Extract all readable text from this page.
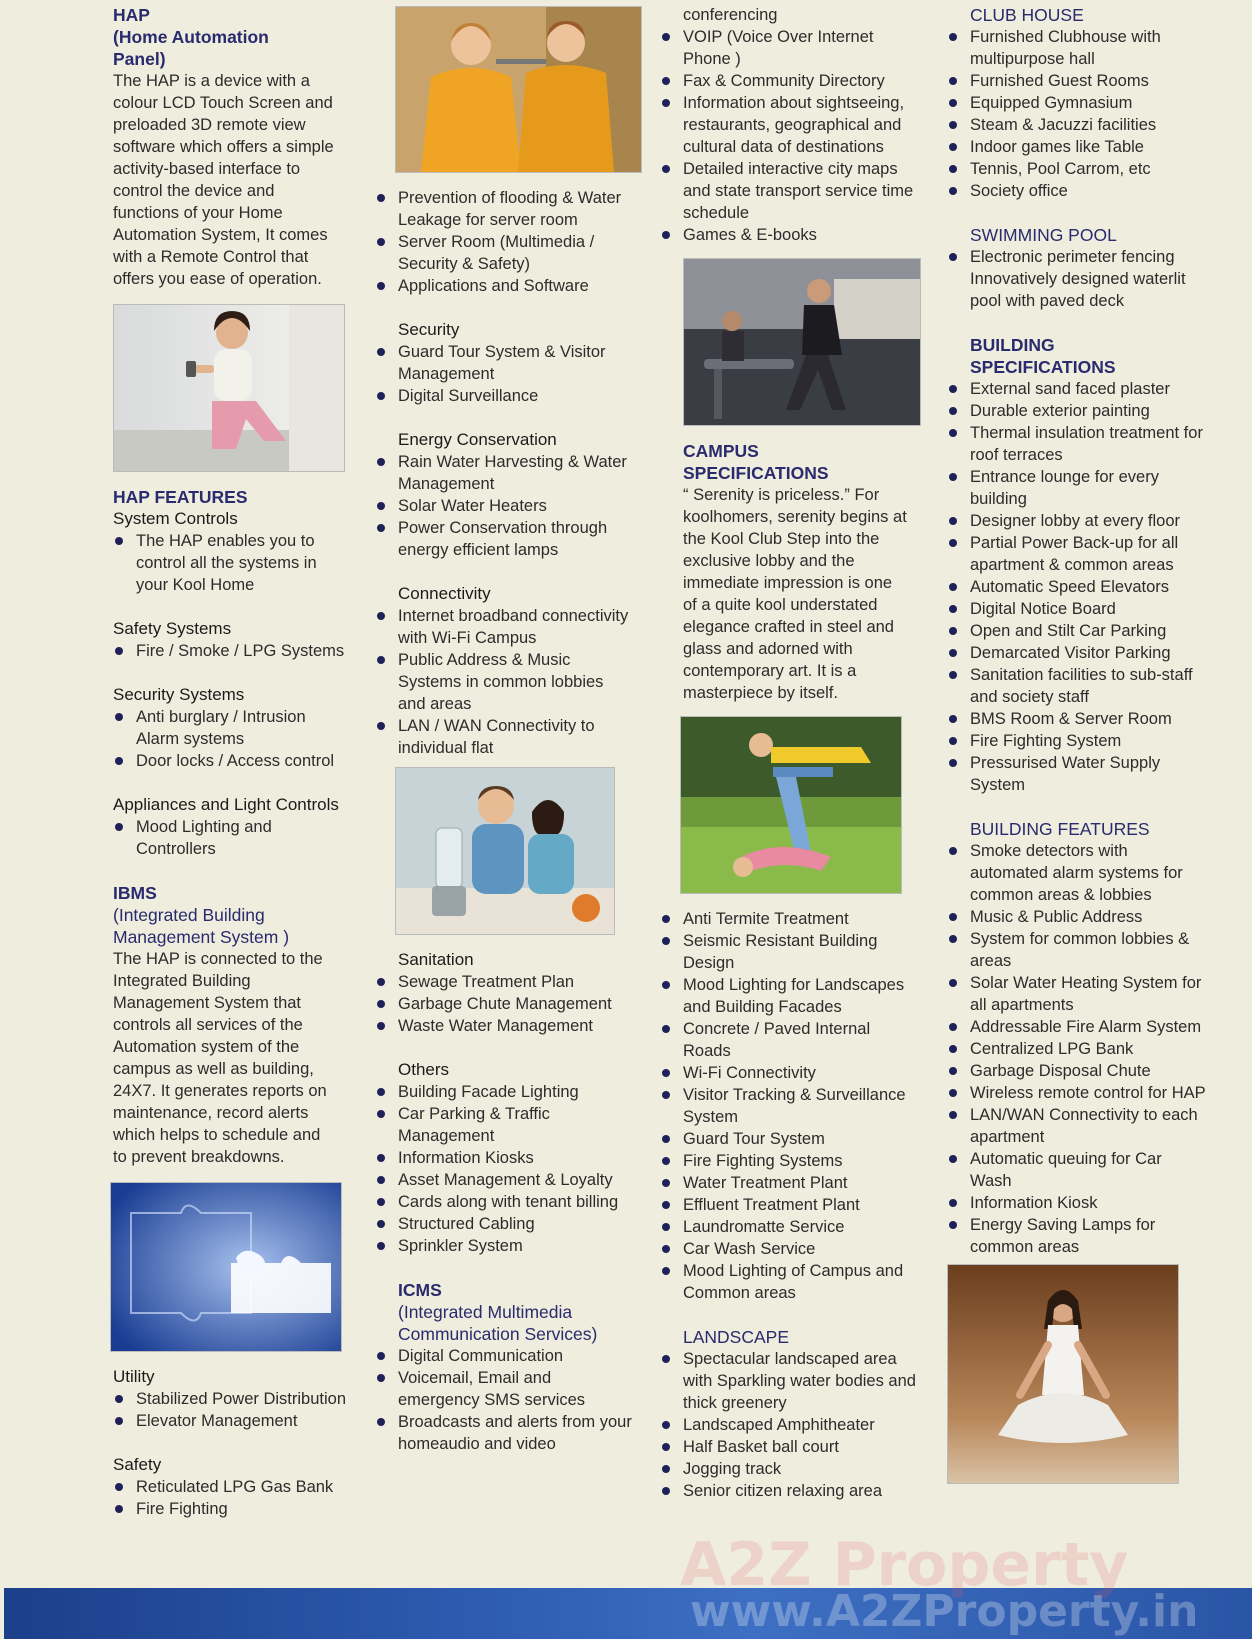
HAP

(Home Automation

Panel)

The HAP is a device with a

colour LCD Touch Screen and

preloaded 3D remote view

software which offers a simple

activity-based interface to

control the device and

functions of your Home

Automation System, It comes

with a Remote Control that

offers you ease of operation.

HAP FEATURES

System Controls

The HAP enables you to control all the systems in your Kool Home

Safety Systems

Fire / Smoke / LPG Systems

Security Systems

Anti burglary / Intrusion Alarm systems
Door locks / Access control

Appliances and Light Controls

Mood Lighting and Controllers

IBMS

(Integrated Building

Management System )

The HAP is connected to the

Integrated Building

Management System that

controls all services of the

Automation system of the

campus as well as building,

24X7. It generates reports on

maintenance, record alerts

which helps to schedule and

to prevent breakdowns.

Utility

Stabilized Power Distribution
Elevator Management

Safety

Reticulated LPG Gas Bank
Fire Fighting
Prevention of flooding & Water Leakage for server room
Server Room (Multimedia / Security & Safety)
Applications and Software

Security

Guard Tour System & Visitor Management
Digital Surveillance

Energy Conservation

Rain Water Harvesting & Water Management
Solar Water Heaters
Power Conservation through energy efficient lamps

Connectivity

Internet broadband connectivity with Wi-Fi Campus
Public Address & Music Systems in common lobbies and areas
LAN / WAN Connectivity to individual flat

Sanitation

Sewage Treatment Plan
Garbage Chute Management
Waste Water Management

Others

Building Facade Lighting
Car Parking & Traffic Management
Information Kiosks
Asset Management & Loyalty
Cards along with tenant billing
Structured Cabling
Sprinkler System

ICMS

(Integrated Multimedia

Communication Services)

Digital Communication
Voicemail, Email and emergency SMS services
Broadcasts and alerts from your homeaudio and video

conferencing

VOIP (Voice Over Internet Phone )
Fax & Community Directory
Information about sightseeing, restaurants, geographical and cultural data of destinations
Detailed interactive city maps and state transport service time schedule
Games & E-books

CAMPUS

SPECIFICATIONS

“ Serenity is priceless.” For

koolhomers, serenity begins at

the Kool Club Step into the

exclusive lobby and the

immediate impression is one

of a quite kool understated

elegance crafted in steel and

glass and adorned with

contemporary art. It is a

masterpiece by itself.

Anti Termite Treatment
Seismic Resistant Building Design
Mood Lighting for Landscapes and Building Facades
Concrete / Paved Internal Roads
Wi-Fi Connectivity
Visitor Tracking & Surveillance System
Guard Tour System
Fire Fighting Systems
Water Treatment Plant
Effluent Treatment Plant
Laundromatte Service
Car Wash Service
Mood Lighting of Campus and Common areas

LANDSCAPE

Spectacular landscaped area with Sparkling water bodies and thick greenery
Landscaped Amphitheater
Half Basket ball court
Jogging track
Senior citizen relaxing area

CLUB HOUSE

Furnished Clubhouse with multipurpose hall
Furnished Guest Rooms
Equipped Gymnasium
Steam & Jacuzzi facilities
Indoor games like Table
Tennis, Pool Carrom, etc
Society office

SWIMMING POOL

Electronic perimeter fencing Innovatively designed waterlit pool with paved deck

BUILDING

SPECIFICATIONS

External sand faced plaster
Durable exterior painting
Thermal insulation treatment for roof terraces
Entrance lounge for every building
Designer lobby at every floor
Partial Power Back-up for all apartment & common areas
Automatic Speed Elevators
Digital Notice Board
Open and Stilt Car Parking
Demarcated Visitor Parking
Sanitation facilities to sub-staff and society staff
BMS Room & Server Room
Fire Fighting System
Pressurised Water Supply System

BUILDING FEATURES

Smoke detectors with automated alarm systems for common areas & lobbies
Music & Public Address
System for common lobbies & areas
Solar Water Heating System for all apartments
Addressable Fire Alarm System
Centralized LPG Bank
Garbage Disposal Chute
Wireless remote control for HAP
LAN/WAN Connectivity to each apartment
Automatic queuing for Car Wash
Information Kiosk
Energy Saving Lamps for common areas
A2Z Property
www.A2ZProperty.in
